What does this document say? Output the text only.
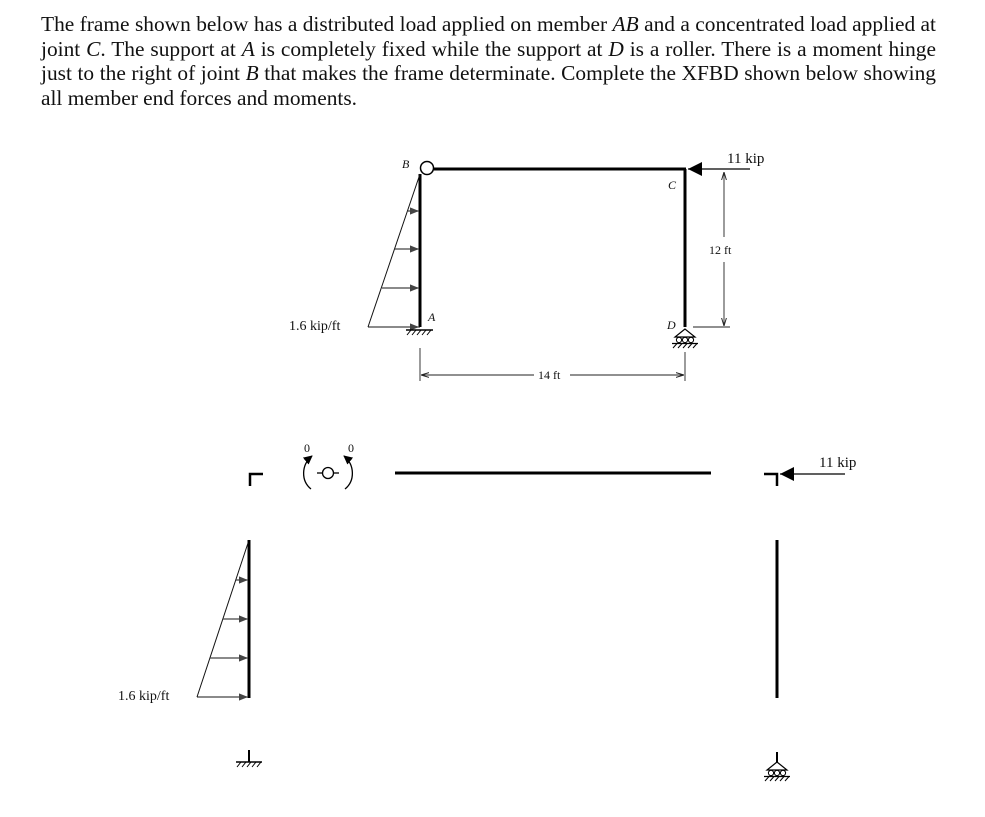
The frame shown below has a distributed load applied on member AB and a concentrated load applied at joint C. The support at A is completely fixed while the support at D is a roller. There is a moment hinge just to the right of joint B that makes the frame determinate. Complete the XFBD shown below showing all member end forces and moments.

1.6 kip/ft
B
C
A
D
11 kip
12 ft
14 ft
0	0
11 kip
1.6 kip/ft
